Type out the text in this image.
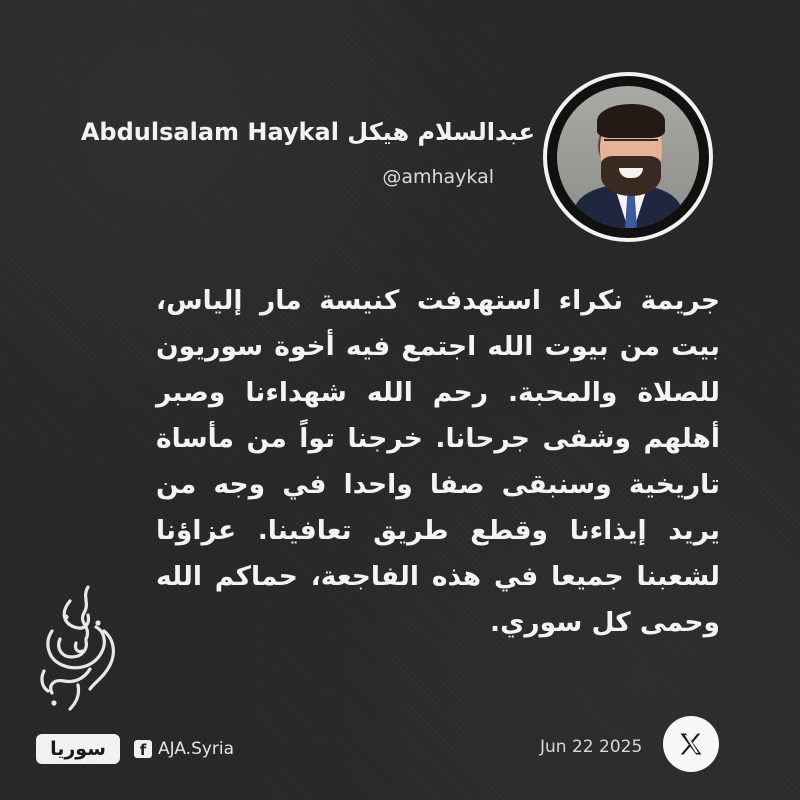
Abdulsalam Haykal عبدالسلام هيكل
@amhaykal
جريمة نكراء استهدفت كنيسة مار إلياس، بيت من بيوت الله اجتمع فيه أخوة سوريون للصلاة والمحبة. رحم الله شهداءنا وصبر أهلهم وشفى جرحانا. خرجنا تواً من مأساة تاريخية وسنبقى صفا واحدا في وجه من يريد إيذاءنا وقطع طريق تعافينا. عزاؤنا لشعبنا جميعا في هذه الفاجعة، حماكم الله وحمى كل سوري.
سوريا	f AJA.Syria	Jun 22 2025
